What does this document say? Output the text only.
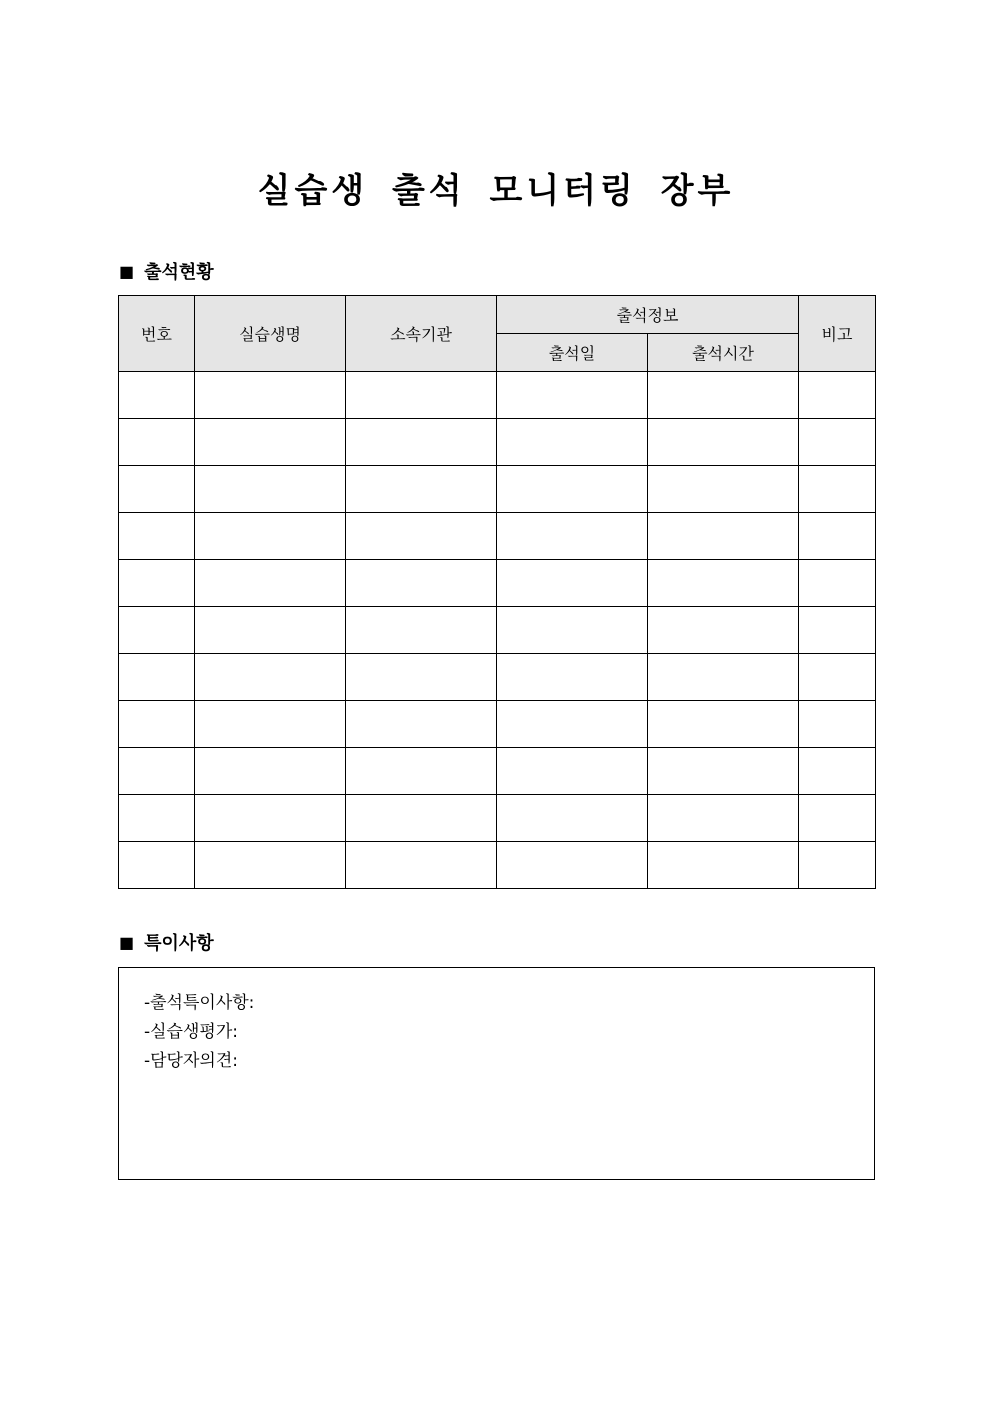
실습생 출석 모니터링 장부
■ 출석현황
번호	실습생명	소속기관	출석정보		비고
			출석일	출석시간	

■ 특이사항
-출석특이사항:
-실습생평가:
-담당자의견:
